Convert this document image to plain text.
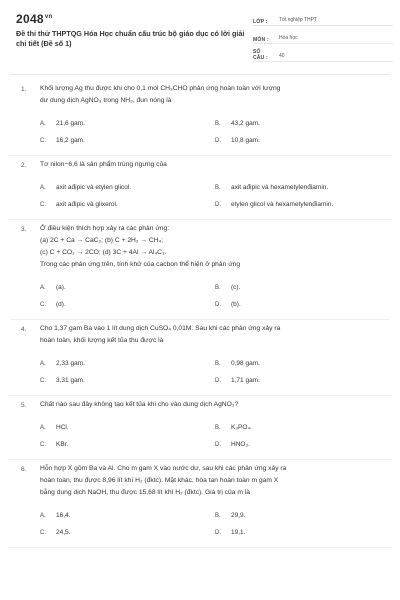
$2048^{vn}$
Đề thi thử THPTQG Hóa Học chuẩn cấu trúc bộ giáo dục có lời giải chi tiết (Đề số 1)
LỚP :	Tốt nghiệp THPT
MÔN :	Hóa học
SỐ CÂU :	40
1. Khối lượng Ag thu được khi cho 0,1 mol CH₃CHO phản ứng hoàn toàn với lượng
dư dung dịch AgNO₃ trong NH₃, đun nóng là
A.	21,6 gam.	B.	43,2 gam.
C.	16,2 gam.	D.	10,8 gam.
2. Tơ nilon−6,6 là sản phẩm trùng ngưng của
A.	axit ađipic và etylen glicol.	B.	axit ađipic và hexametylenđiamin.
C.	axit ađipic và glixerol.	D.	etylen glicol và hexametylenđiamin.
3. Ở điều kiện thích hợp xảy ra các phản ứng:
(a) 2C + Ca → CaC₂; (b) C + 2H₂ → CH₄;
(c) C + CO₂ → 2CO; (d) 3C + 4Al → Al₄C₃.
Trong các phản ứng trên, tính khử của cacbon thể hiện ở phản ứng
A.	(a).	B.	(c).
C.	(d).	D.	(b).
4. Cho 1,37 gam Ba vào 1 lít dung dịch CuSO₄ 0,01M. Sau khi các phản ứng xảy ra
hoàn toàn, khối lượng kết tủa thu được là
A.	2,33 gam.	B.	0,98 gam.
C.	3,31 gam.	D.	1,71 gam.
5. Chất nào sau đây không tạo kết tủa khi cho vào dung dịch AgNO₃?
A.	HCl.	B.	K₃PO₄.
C.	KBr.	D.	HNO₃.
6. Hỗn hợp X gồm Ba và Al. Cho m gam X vào nước dư, sau khi các phản ứng xảy ra
hoàn toàn, thu được 8,96 lít khí H₂ (đktc). Mặt khác, hòa tan hoàn toàn m gam X
bằng dung dịch NaOH, thu được 15,68 lít khí H₂ (đktc). Giá trị của m là
A.	16,4.	B.	29,9.
C.	24,5.	D.	19,1.
